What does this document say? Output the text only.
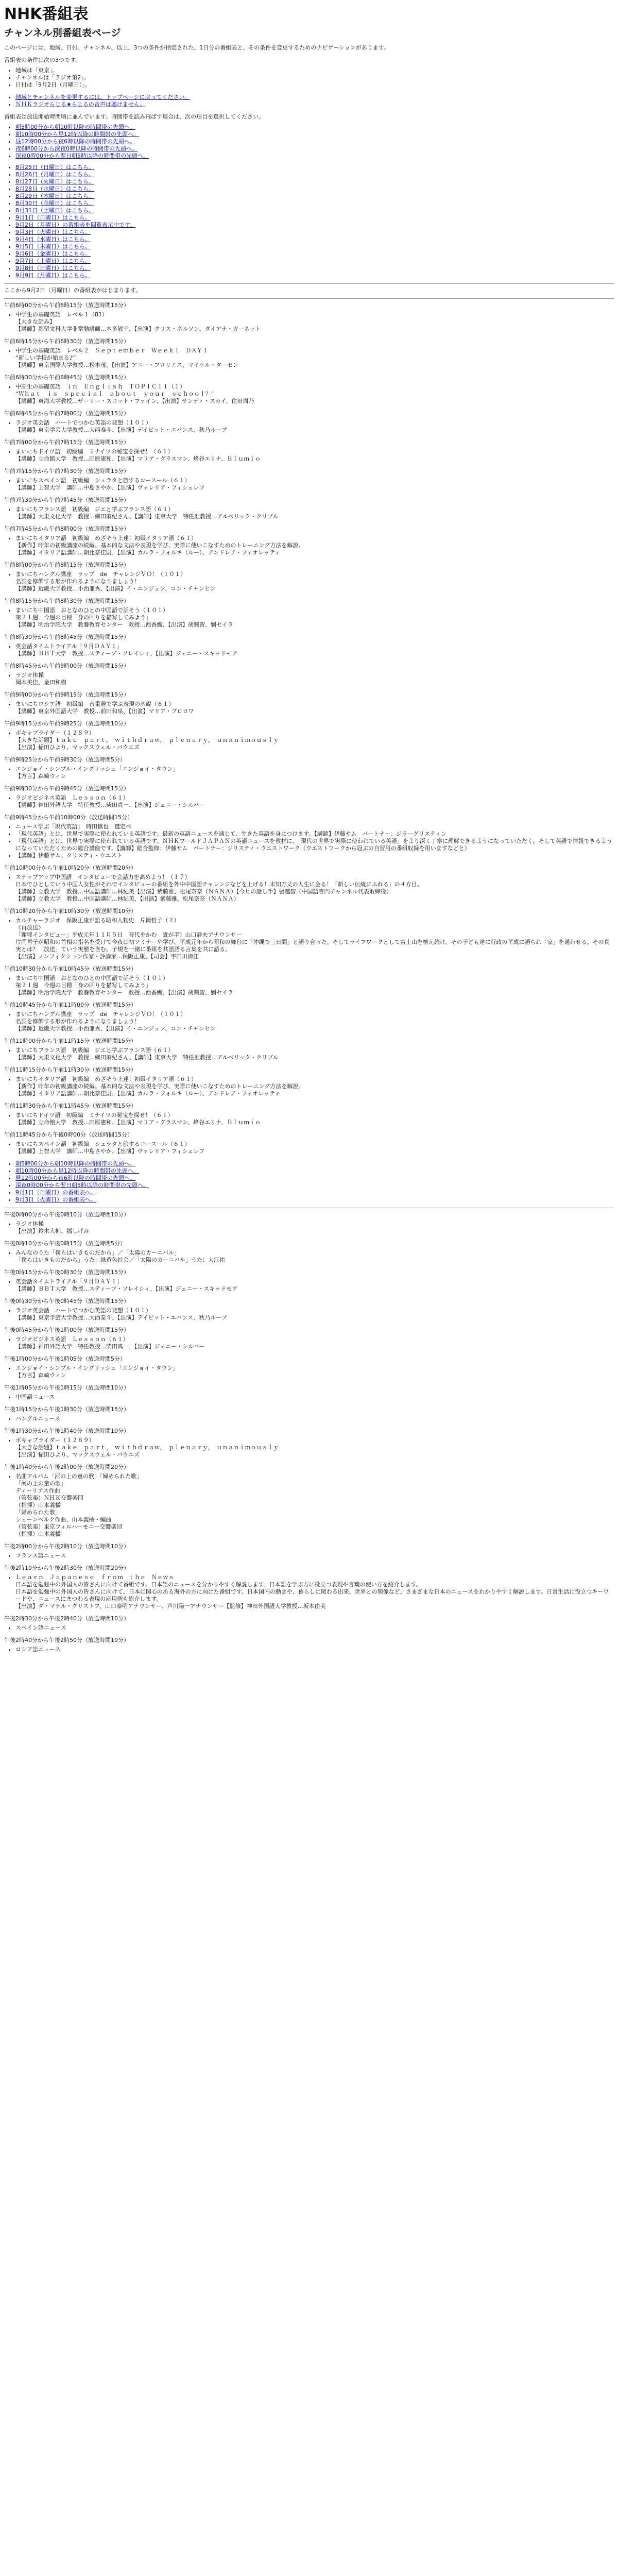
NHK番組表
チャンネル別番組表ページ

このページには、地域、日付、チャンネル、以上、3つの条件が指定された、1日分の番組表と、その条件を変更するためのナビゲーションがあります。

番組表の条件は次の3つです。

• 地域は「東京」。
• チャンネルは「ラジオ第2」。
• 日付は「9月2日（月曜日）」。
• 地域とチャンネルを変更するには、トップページに戻ってください。
• ＮＨＫラジオらじる★らじるの音声は聴けません。

番組表は放送開始時間順に並んでいます。時間帯を読み飛ばす場合は、次の項目を選択してください。

• 朝5時00分から朝10時以降の時間帯の先頭へ。
• 朝10時00分から昼12時以降の時間帯の先頭へ。
• 昼12時00分から夜6時以降の時間帯の先頭へ。
• 夜6時00分から深夜0時以降の時間帯の先頭へ。
• 深夜0時00分から翌日朝5時以降の時間帯の先頭へ。
• 8月25日（日曜日）はこちら。
• 8月26日（月曜日）はこちら。
• 8月27日（火曜日）はこちら。
• 8月28日（水曜日）はこちら。
• 8月29日（木曜日）はこちら。
• 8月30日（金曜日）はこちら。
• 8月31日（土曜日）はこちら。
• 9月1日（日曜日）はこちら。
• 9月2日（月曜日）の番組表を閲覧表示中です。
• 9月3日（火曜日）はこちら。
• 9月4日（水曜日）はこちら。
• 9月5日（木曜日）はこちら。
• 9月6日（金曜日）はこちら。
• 9月7日（土曜日）はこちら。
• 9月8日（日曜日）はこちら。
• 9月9日（月曜日）はこちら。

ここから9月2日（月曜日）の番組表がはじまります。

午前6時00分から午前6時15分（放送時間15分）
• 中学生の基礎英語　レベル１（81）
【大きな話み】
【講師】都留文科大学非常勤講師…本多敏幸、【出演】クリス・ネルソン、ダイアナ・ガーネット
午前6時15分から午前6時30分（放送時間15分）
• 中学生の基礎英語　レベル２　Ｓｅｐｔｅｍｂｅｒ　Ｗｅｅｋ１　ＤＡＹ１
“新しい学校が始まる♪”
【講師】東京国際大学教授…松本茂、【出演】アニー・フロリエス、マイケル・ターゼン
午前6時30分から午前6時45分（放送時間15分）
• 中高生の基礎英語　ｉｎ　Ｅｎｇｌｉｓｈ　ＴＯＰＩＣ１１（１）
“Ｗｈａｔ　ｉｓ　ｓｐｅｃｉａｌ　ａｂｏｕｔ　ｙｏｕｒ　ｓｃｈｏｏｌ？”
【講師】東海大学教授…ザーリー・スコット・ファイン、【出演】サンディ・スカイ、住田周乃
午前6時45分から午前7時00分（放送時間15分）
• ラジオ英会話　ハートでつかむ英語の発想（１０１）
【講師】東京学芸大学教授…大西泰斗、【出演】デイビット・エバンス、秋乃ルーブ
午前7時00分から午前7時15分（放送時間15分）
• まいにちドイツ語　初級編　ミナイツの秘宝を探せ！（６１）
【講師】立命館大学　教授…田原憲和、【出演】マリア・グラスマン、峰谷エリナ、Ｂｌｕｍｉｏ
午前7時15分から午前7時30分（放送時間15分）
• まいにちスペイン語　初級編　シュラタと旅するコースール（６１）
【講師】上智大学　講師…中島さやか、【出演】ヴァレリア・フィシェレフ
午前7時30分から午前7時45分（放送時間15分）
• まいにちフランス語　初級編　ジエと学ぶフランス語（６１）
【講師】大東文化大学　教授…細田麻紀さん、【講師】東京大学　特任准教授…アルペリック・クリブル
午前7時45分から午前8時00分（放送時間15分）
• まいにちイタリア語　初級編　めざそう上達！初級イタリア語（６１）
【新作】昨年の初級講座の続編。基本的な文法や表現を学び、実際に使いこなすためのトレーニング方法を解説。
【講師】イタリア語講師…朝比奈佳尉、【出演】カルラ・フォルキ（ルー）、アンドレア・フィオレッティ
午前8時00分から午前8時15分（放送時間15分）
• まいにちハングル講座　ラップ　de　チャレンジＶＯ！（１０１）
名詞を修飾する形が作れるようになりましょう！
【講師】近畿大学教授…小西兼秀、【出演】イ・ユンジョン、コン・チャンヒン
午前8時15分から午前8時30分（放送時間15分）
• まいにち中国語　おとなのひとの中国語で話そう（１０１）
第２１週　今週の目標「身の回りを描写してみよう」
【講師】明治学院大学　教養教育センター　教授…西香織、【出演】胡興智、劉セイラ
午前8時30分から午前8時45分（放送時間15分）
• 英会話タイムトライアル「９月ＤＡＹ１」
【講師】ＢＢＴ大学　教授…スティーブ・ソレイシィ、【出演】ジェニー・スキッドモア
午前8時45分から午前9時00分（放送時間15分）
• ラジオ体操
岡本美佳、金田和樹
午前9時00分から午前9時15分（放送時間15分）
• まいにちロシア語　初級編　音重避で学ぶ表現の基礎（６１）
【講師】東京外国語大学　教授…前田和泉、【出演】マリア・プロロワ
午前9時15分から午前9時25分（放送時間10分）
• ボキャブライダー（１２８９）
【大きな話題】ｔａｋｅ　ｐａｒｔ，　ｗｉｔｈｄｒａｗ，　ｐｌｅｎａｒｙ，　ｕｎａｎｉｍｏｕｓｌｙ
【出演】稲田ひより、マックスウェル・パウエズ
午前9時25分から午前9時30分（放送時間5分）
• エンジョイ・シンプル・イングリッシュ「エンジョイ・タウン」
【方言】森崎ウィン
午前9時30分から午前9時45分（放送時間15分）
• ラジオビジネス英語　Ｌｅｓｓｏｎ（６１）
【講師】神田外語大学　特任教授…柴田真一、【出演】ジェニー・シルバー
午前9時45分から午前10時00分（放送時間15分）
• ニュース学ぶ「現代英語」　時田慎也　選定ペ
• 「現代英語」とは、世界で実際に使われている英語です。最新の英語ニュースを通じて、生きた英語を身につけます。【講師】伊藤サム　パートナー：ジラーゲリスティン
• 「現代英語」とは、世界で実際に使われている英語です。ＮＨＫワールドＪＡＰＡＮの英語ニュースを教材に、「現代の世界で実際に使われている英語」をより深く丁寧に理解できるようになっていただく。そして英語で情報できるようになっていただくための総合講座です。【講師】総合監修：伊藤サム　パートナー：ジリスティ・ウエストワーク（ウエストワークから冠ぶの自習用の番組収録を用いますなどと）
• 【講師】伊藤サム、クリスティ・ウエスト
午前10時00分から午前10時20分（放送時間20分）
• ステップアップ中国語　インタビューで会話力を高めよう！（１７）
日本でひとしていう中国人女性がそれでインタビューの番組を外中中国語チャレンジなどを上げる！未知万丈の人生に会る！「新しい伝統にふれる」の４方目。
【講師】立教大学　教授…中国語講師…林紀美【出演】紫藤雅、松尾奈奈（ＮＡＮＡ）【今月の話し手】張越智（中国語専門チャンネル代表取締役）
【講師】立教大学　教授…中国語講師…林紀美、【出演】紫藤雅、松尾奈奈（ＮＡＮＡ）
午前10時20分から午前10時30分（放送時間10分）
• カルチャーラジオ　保阪正康が語る昭和人物史　片岡哲子（２）
《再放送》
「謝罪インタビュー」平成元年１１月５日　時代をかむ　貴が手）山口静夫アナウンサー
片岡哲子が昭和の首相の指名を受けて今夜は初ソミナーや学び、平成元年から昭和の舞台に「沖縄で三日間」と語り合った。そしてライフワークとして富士山を植え続け、その子ども達に行政の平成に語られ「家」を通わせる。その真実とは？「放送」ていう実態を含む。子規を一緒に番組を共語語る言葉を共に語る。
【出演】ノンフィクション作家・評論家…保阪正康、【司会】宇田川清江
午前10時30分から午前10時45分（放送時間15分）
• まいにち中国語　おとなのひとの中国語で話そう（１０１）
第２１週　今週の目標「身の回りを描写してみよう」
【講師】明治学院大学　教養教育センター　教授…西香織、【出演】胡興智、劉セイラ
午前10時45分から午前11時00分（放送時間15分）
• まいにちハングル講座　ラップ　de　チャレンジＶＯ！（１０１）
名詞を修飾する形が作れるようになりましょう！
【講師】近畿大学教授…小西兼秀、【出演】イ・ユンジョン、コン・チャンヒン
午前11時00分から午前11時15分（放送時間15分）
• まいにちフランス語　初級編　ジエと学ぶフランス語（６１）
【講師】大東文化大学　教授…細田麻紀さん、【講師】東京大学　特任准教授…アルペリック・クリブル
午前11時15分から午前11時30分（放送時間15分）
• まいにちイタリア語　初級編　めざそう上達！初級イタリア語（６１）
【新作】昨年の初級講座の続編。基本的な文法や表現を学び、実際に使いこなすためのトレーニング方法を解説。
【講師】イタリア語講師…朝比奈佳尉、【出演】カルラ・フォルキ（ルー）、アンドレア・フィオレッティ
午前11時30分から午前11時45分（放送時間15分）
• まいにちドイツ語　初級編　ミナイツの秘宝を探せ！（６１）
【講師】立命館大学　教授…田原憲和、【出演】マリア・グラスマン、峰谷エリナ、Ｂｌｕｍｉｏ
午前11時45分から午後0時00分（放送時間15分）
• まいにちスペイン語　初級編　シュラタと旅するコースール（６１）
【講師】上智大学　講師…中島さやか、【出演】ヴァレリア・フィシェレフ
• 朝5時00分から朝10時以降の時間帯の先頭へ。
• 朝10時00分から昼12時以降の時間帯の先頭へ。
• 昼12時00分から夜6時以降の時間帯の先頭へ。
• 深夜0時00分から翌日朝5時以降の時間帯の先頭へ。
• 9月1日（日曜日）の番組表へ。
• 9月3日（火曜日）の番組表へ。
午後0時00分から午後0時10分（放送時間10分）
• ラジオ体操
【出演】鈴木大輔、福しげみ
午後0時10分から午後0時15分（放送時間5分）
• みんなのうた「僕らはいきものだから」／「太陽のカーニバル」
「僕らはいきものだから」うた：緑黄色社会／「太陽のカーニバル」うた：大江祐
午後0時15分から午後0時30分（放送時間15分）
• 英会話タイムトライアル「９月ＤＡＹ１」
【講師】ＢＢＴ大学　教授…スティーブ・ソレイシィ、【出演】ジェニー・スキッドモア
午後0時30分から午後0時45分（放送時間15分）
• ラジオ英会話　ハートでつかむ英語の発想（１０１）
【講師】東京学芸大学教授…大西泰斗、【出演】デイビット・エバンス、秋乃ルーブ
午後0時45分から午後1時00分（放送時間15分）
• ラジオビジネス英語　Ｌｅｓｓｏｎ（６１）
【講師】神田外語大学　特任教授…柴田真一、【出演】ジェニー・シルバー
午後1時00分から午後1時05分（放送時間5分）
• エンジョイ・シンプル・イングリッシュ「エンジョイ・タウン」
【方言】森崎ウィン
午後1時05分から午後1時15分（放送時間10分）
• 中国語ニュース
午後1時15分から午後1時30分（放送時間15分）
• ハングルニュース
午後1時30分から午後1時40分（放送時間10分）
• ボキャブライダー（１２８９）
【大きな話題】ｔａｋｅ　ｐａｒｔ，　ｗｉｔｈｄｒａｗ，　ｐｌｅｎａｒｙ，　ｕｎａｎｉｍｏｕｓｌｙ
【出演】稲田ひより、マックスウェル・パウエズ
午後1時40分から午後2時00分（放送時間20分）
• 名曲アルバム「河の上の童の歌」「婦められた歌」
「河の上の童の歌」
ディーリアス作曲
（管弦楽）ＮＨＫ交響楽団
（指揮）山本義橘
「婦められた歌」
シェーンベルク作曲、山本義橘・編曲
（管弦楽）東京フィルハーモニー交響楽団
（指揮）山本義橘
午後2時00分から午後2時10分（放送時間10分）
• フランス語ニュース
午後2時10分から午後2時30分（放送時間20分）
• Ｌｅａｒｎ　Ｊａｐａｎｅｓｅ　ｆｒｏｍ　ｔｈｅ　Ｎｅｗｓ
日本語を勉強中の外国人の皆さんに向けて番組です。日本語のニュースを分かりやすく解説します。日本語を学ぶ方に役立つ表現や言葉の使い方を紹介します。
日本語を勉強中の外国人の皆さんに向けて、日本に関心のある海外の方に向けた番組です。日本国内の動きや、暮らしに関わる出来、世界との関係など、さまざまな日本のニュースをわかりやすく解説します。日常生活に役立つキーワードや、ニュースにまつわる表現の応用例も紹介します。
【出演】ダ・マテル・クリストフ、山口泰明アナウンサー、芦川陽一アナウンサー【監修】神田外国語大学教授…坂本由美
午後2時30分から午後2時40分（放送時間10分）
• スペイン語ニュース
午後2時40分から午後2時50分（放送時間10分）
• ロシア語ニュース
